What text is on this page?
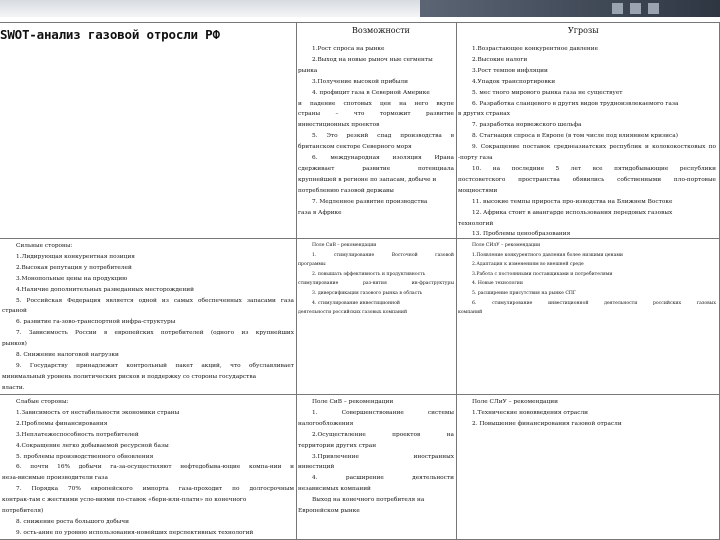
SWOT-анализ газовой отросли РФ	Возможности	Угрозы
1.Рост спроса на рынке
2.Выход на новые рыноч ные сегменты
рынка
3.Получение высокой прибыли
4. профицит газа в Северной Америке
и падение спотовых цен на него вкупе
страны – что торможит развитие
инвестиционных проектов
5. Это резкий спад производства в
британском секторе Северного моря
6. международная изоляция Ирана
сдерживает развитие потенциала
крупнейшей в регионе по запасам, добыче и
потреблению газовой державы
7. Медленное развитие производства
газа в Африке
1.Возрастающее конкурентное давление
2.Высокие налоги
3.Рост темпов инфляции
4.Упадок транспортировки
5. мес тного мирового рынка газа не существует
6. Разработка сланцевого в других видов трудноизвлекаемого газа
в других странах
7. разработка норвежского шельфа
8. Стагнация спроса в Европе (в том числе под влиянием кризиса)
9. Сокращение поставок среднеазиатских республик и колококостковых по
-порту газа
10. на последние 5 лет все пятидобывающие республики
постсоветского пространства обявились собственными пло-портовые
мощностями
11. высокие темпы прироста про-изводства на Ближнем Востоке
12. Африка стоит в авангарде использования передовых газовых
технологий
13. Проблемы ценообразования
Сильные стороны:
1.Лидирующая конкурентная позиция
2.Высокая репутация у потребителей
3.Монопольные цены на продукцию
4.Наличие дополнительных разведанных месторождений
5. Российская Федерация является одной из самых обеспеченных запасами газа
страной
6. развитие га-зово-транспортной инфра-структуры
7. Зависимость России в европейских потребителей (одного из крупнейших
рынков)
8. Снижение налоговой нагрузки
9. Государству принадлежит контрольный пакет акций, что обуславливает
минимальный уровень политических рисков и поддержку со стороны государства
власти.
Поле СиВ – рекомендации
1. стимулирование Восточной газовой
программы
2. повышать эффективность и продуктивность
стимулирование раз-вития ин-фраструктуры
3. диверсификация газового рынка в область
4. стимулирование инвестиционной
деятельности российских газовых компаний
Поле СИлУ – рекомендации
1.Появление конкурентного давления более низкими ценами
2.Адаптация к изменениям во внешней среде
3.Работа с постоянными поставщиками и потребителями
4. Новые технологии
5. расширение присутствия на рынке СПГ
6. стимулирование инвестиционной деятельности российских газовых
компаний
Слабые стороны:
1.Зависимость от нестабильности экономики страны
2.Проблемы финансирования
3.Неплатежеспособность потребителей
4.Сокращение легко добываемой ресурсной базы
5. проблемы производственного обновления
6. почти 16% добычи га-за-осуществляют нефтедобыва-ющие компа-нии и
неза-висимые производители газа
7. Порядка 70% европейского импорта газа-проходит по долгосрочным
контрак-там с жесткими усло-виями по-ставок «бери-или-плати» по конечного
потребителя)
8. снижение роста большого добычи
9. ость-ание по уровню использования-новейших перспективных технологий
Поле СиВ – рекомендации
1. Совершенствование системы
налогообложения
2.Осуществление проектов на
территории других стран
3.Привлечение иностранных
инвестиций
4. расширение деятельности
независимых компаний
Выход на конечного потребителя на
Европейском рынке
Поле СЛиУ – рекомендации
1.Технические нововведения отрасли
2. Повышение финансирования газовой отрасли
